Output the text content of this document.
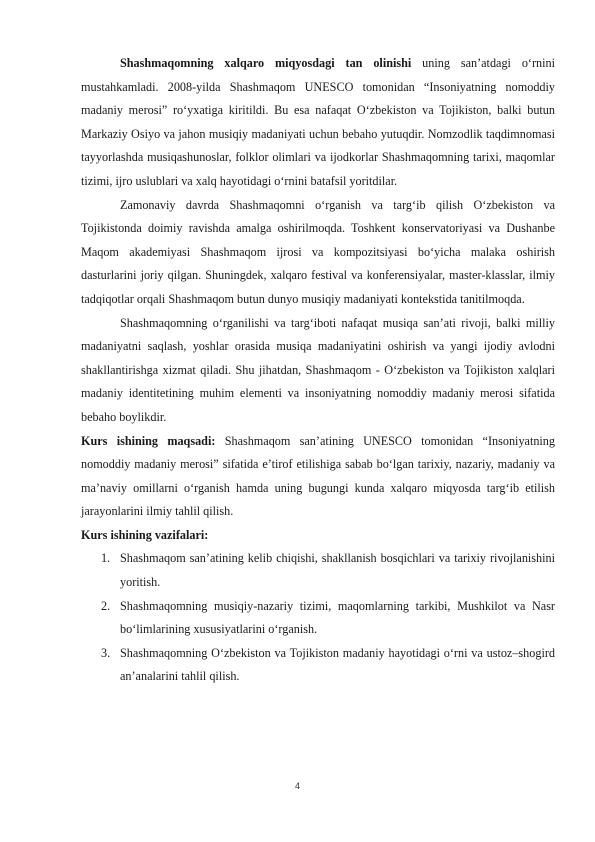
Shashmaqomning xalqaro miqyosdagi tan olinishi uning san’atdagi o‘rnini mustahkamladi. 2008-yilda Shashmaqom UNESCO tomonidan “Insoniyatning nomoddiy madaniy merosi” ro‘yxatiga kiritildi. Bu esa nafaqat O‘zbekiston va Tojikiston, balki butun Markaziy Osiyo va jahon musiqiy madaniyati uchun bebaho yutuqdir. Nomzodlik taqdimnomasi tayyorlashda musiqashunoslar, folklor olimlari va ijodkorlar Shashmaqomning tarixi, maqomlar tizimi, ijro uslublari va xalq hayotidagi o‘rnini batafsil yoritdilar.

Zamonaviy davrda Shashmaqomni o‘rganish va targ‘ib qilish O‘zbekiston va Tojikistonda doimiy ravishda amalga oshirilmoqda. Toshkent konservatoriyasi va Dushanbe Maqom akademiyasi Shashmaqom ijrosi va kompozitsiyasi bo‘yicha malaka oshirish dasturlarini joriy qilgan. Shuningdek, xalqaro festival va konferensiyalar, master-klasslar, ilmiy tadqiqotlar orqali Shashmaqom butun dunyo musiqiy madaniyati kontekstida tanitilmoqda.

Shashmaqomning o‘rganilishi va targ‘iboti nafaqat musiqa san’ati rivoji, balki milliy madaniyatni saqlash, yoshlar orasida musiqa madaniyatini oshirish va yangi ijodiy avlodni shakllantirishga xizmat qiladi. Shu jihatdan, Shashmaqom - O‘zbekiston va Tojikiston xalqlari madaniy identitetining muhim elementi va insoniyatning nomoddiy madaniy merosi sifatida bebaho boylikdir.

Kurs ishining maqsadi: Shashmaqom san’atining UNESCO tomonidan “Insoniyatning nomoddiy madaniy merosi” sifatida e’tirof etilishiga sabab bo‘lgan tarixiy, nazariy, madaniy va ma’naviy omillarni o‘rganish hamda uning bugungi kunda xalqaro miqyosda targ‘ib etilish jarayonlarini ilmiy tahlil qilish.

Kurs ishining vazifalari:

1. Shashmaqom san’atining kelib chiqishi, shakllanish bosqichlari va tarixiy rivojlanishini yoritish.
2. Shashmaqomning musiqiy-nazariy tizimi, maqomlarning tarkibi, Mushkilot va Nasr bo‘limlarining xususiyatlarini o‘rganish.
3. Shashmaqomning O‘zbekiston va Tojikiston madaniy hayotidagi o‘rni va ustoz–shogird an’analarini tahlil qilish.
4
